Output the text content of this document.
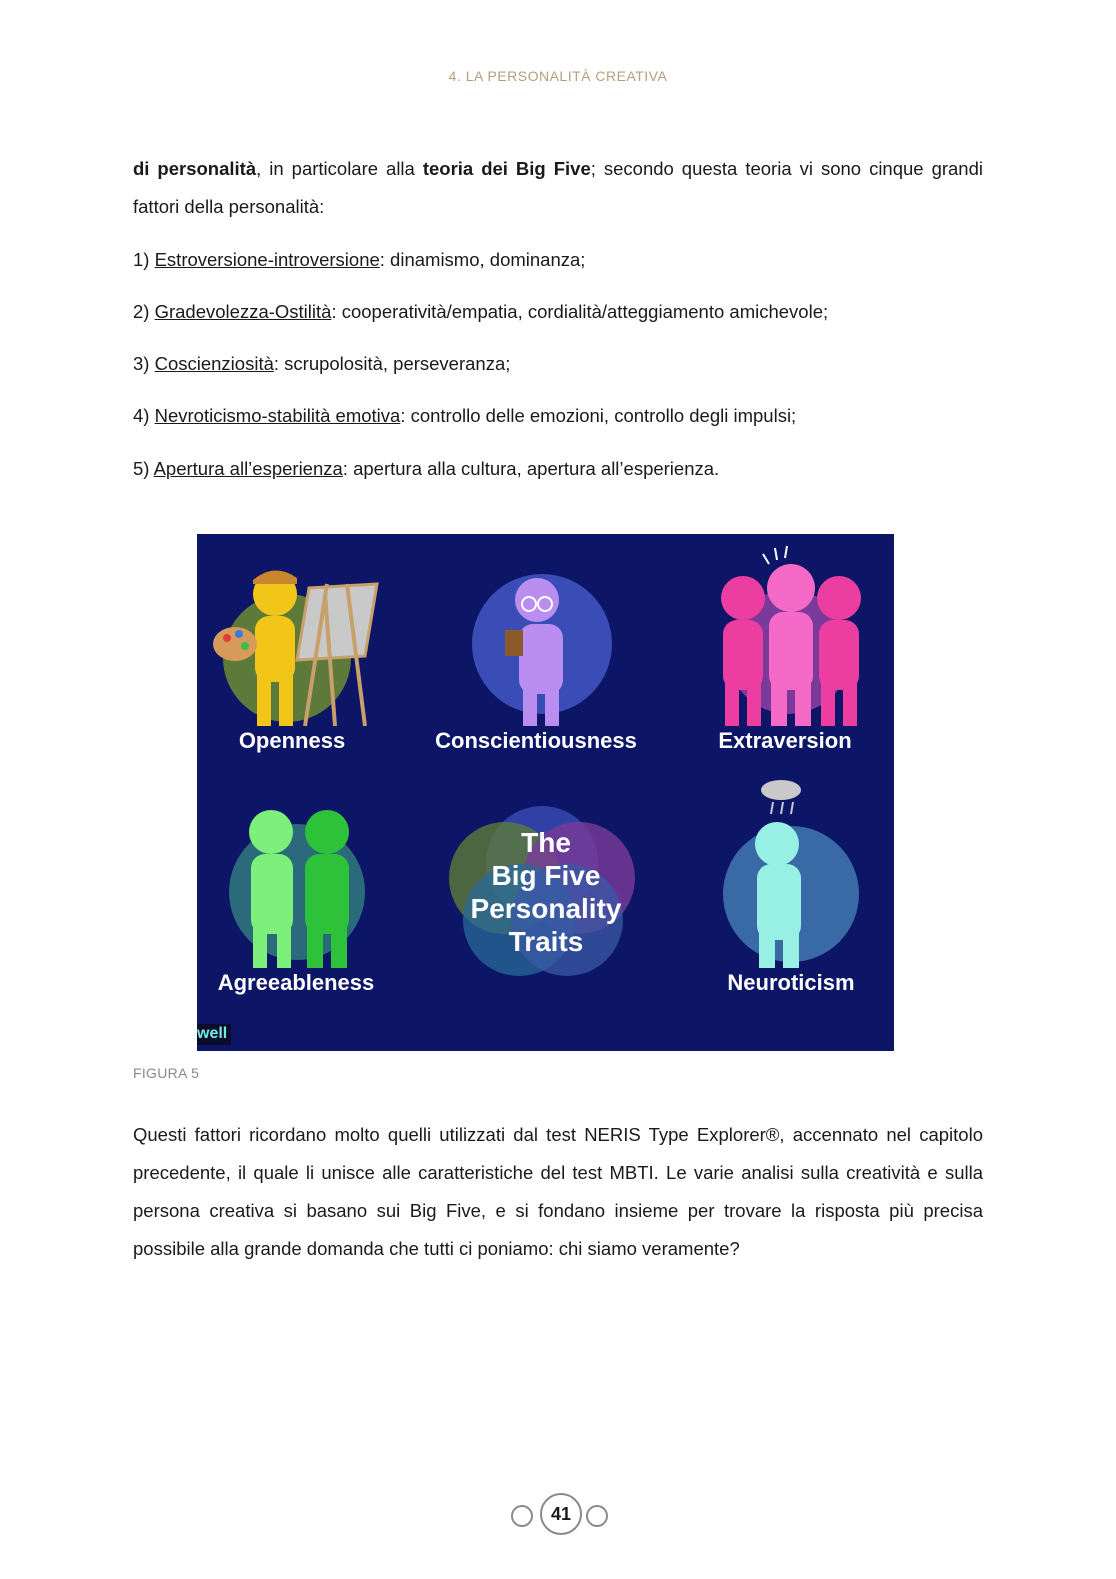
4. LA PERSONALITÀ CREATIVA
di personalità, in particolare alla teoria dei Big Five; secondo questa teoria vi sono cinque grandi fattori della personalità:
1) Estroversione-introversione: dinamismo, dominanza;
2) Gradevolezza-Ostilità: cooperatività/empatia, cordialità/atteggiamento amichevole;
3) Coscienziosità: scrupolosità, perseveranza;
4) Nevroticismo-stabilità emotiva: controllo delle emozioni, controllo degli impulsi;
5) Apertura all’esperienza: apertura alla cultura, apertura all’esperienza.
Openness	Conscientiousness	Extraversion
Agreeableness	Neuroticism
The
Big Five
Personality
Traits
well
FIGURA 5
Questi fattori ricordano molto quelli utilizzati dal test NERIS Type Explorer®, accennato nel capitolo precedente, il quale li unisce alle caratteristiche del test MBTI. Le varie analisi sulla creatività e sulla persona creativa si basano sui Big Five, e si fondano insieme per trovare la risposta più precisa possibile alla grande domanda che tutti ci poniamo: chi siamo veramente?
41
